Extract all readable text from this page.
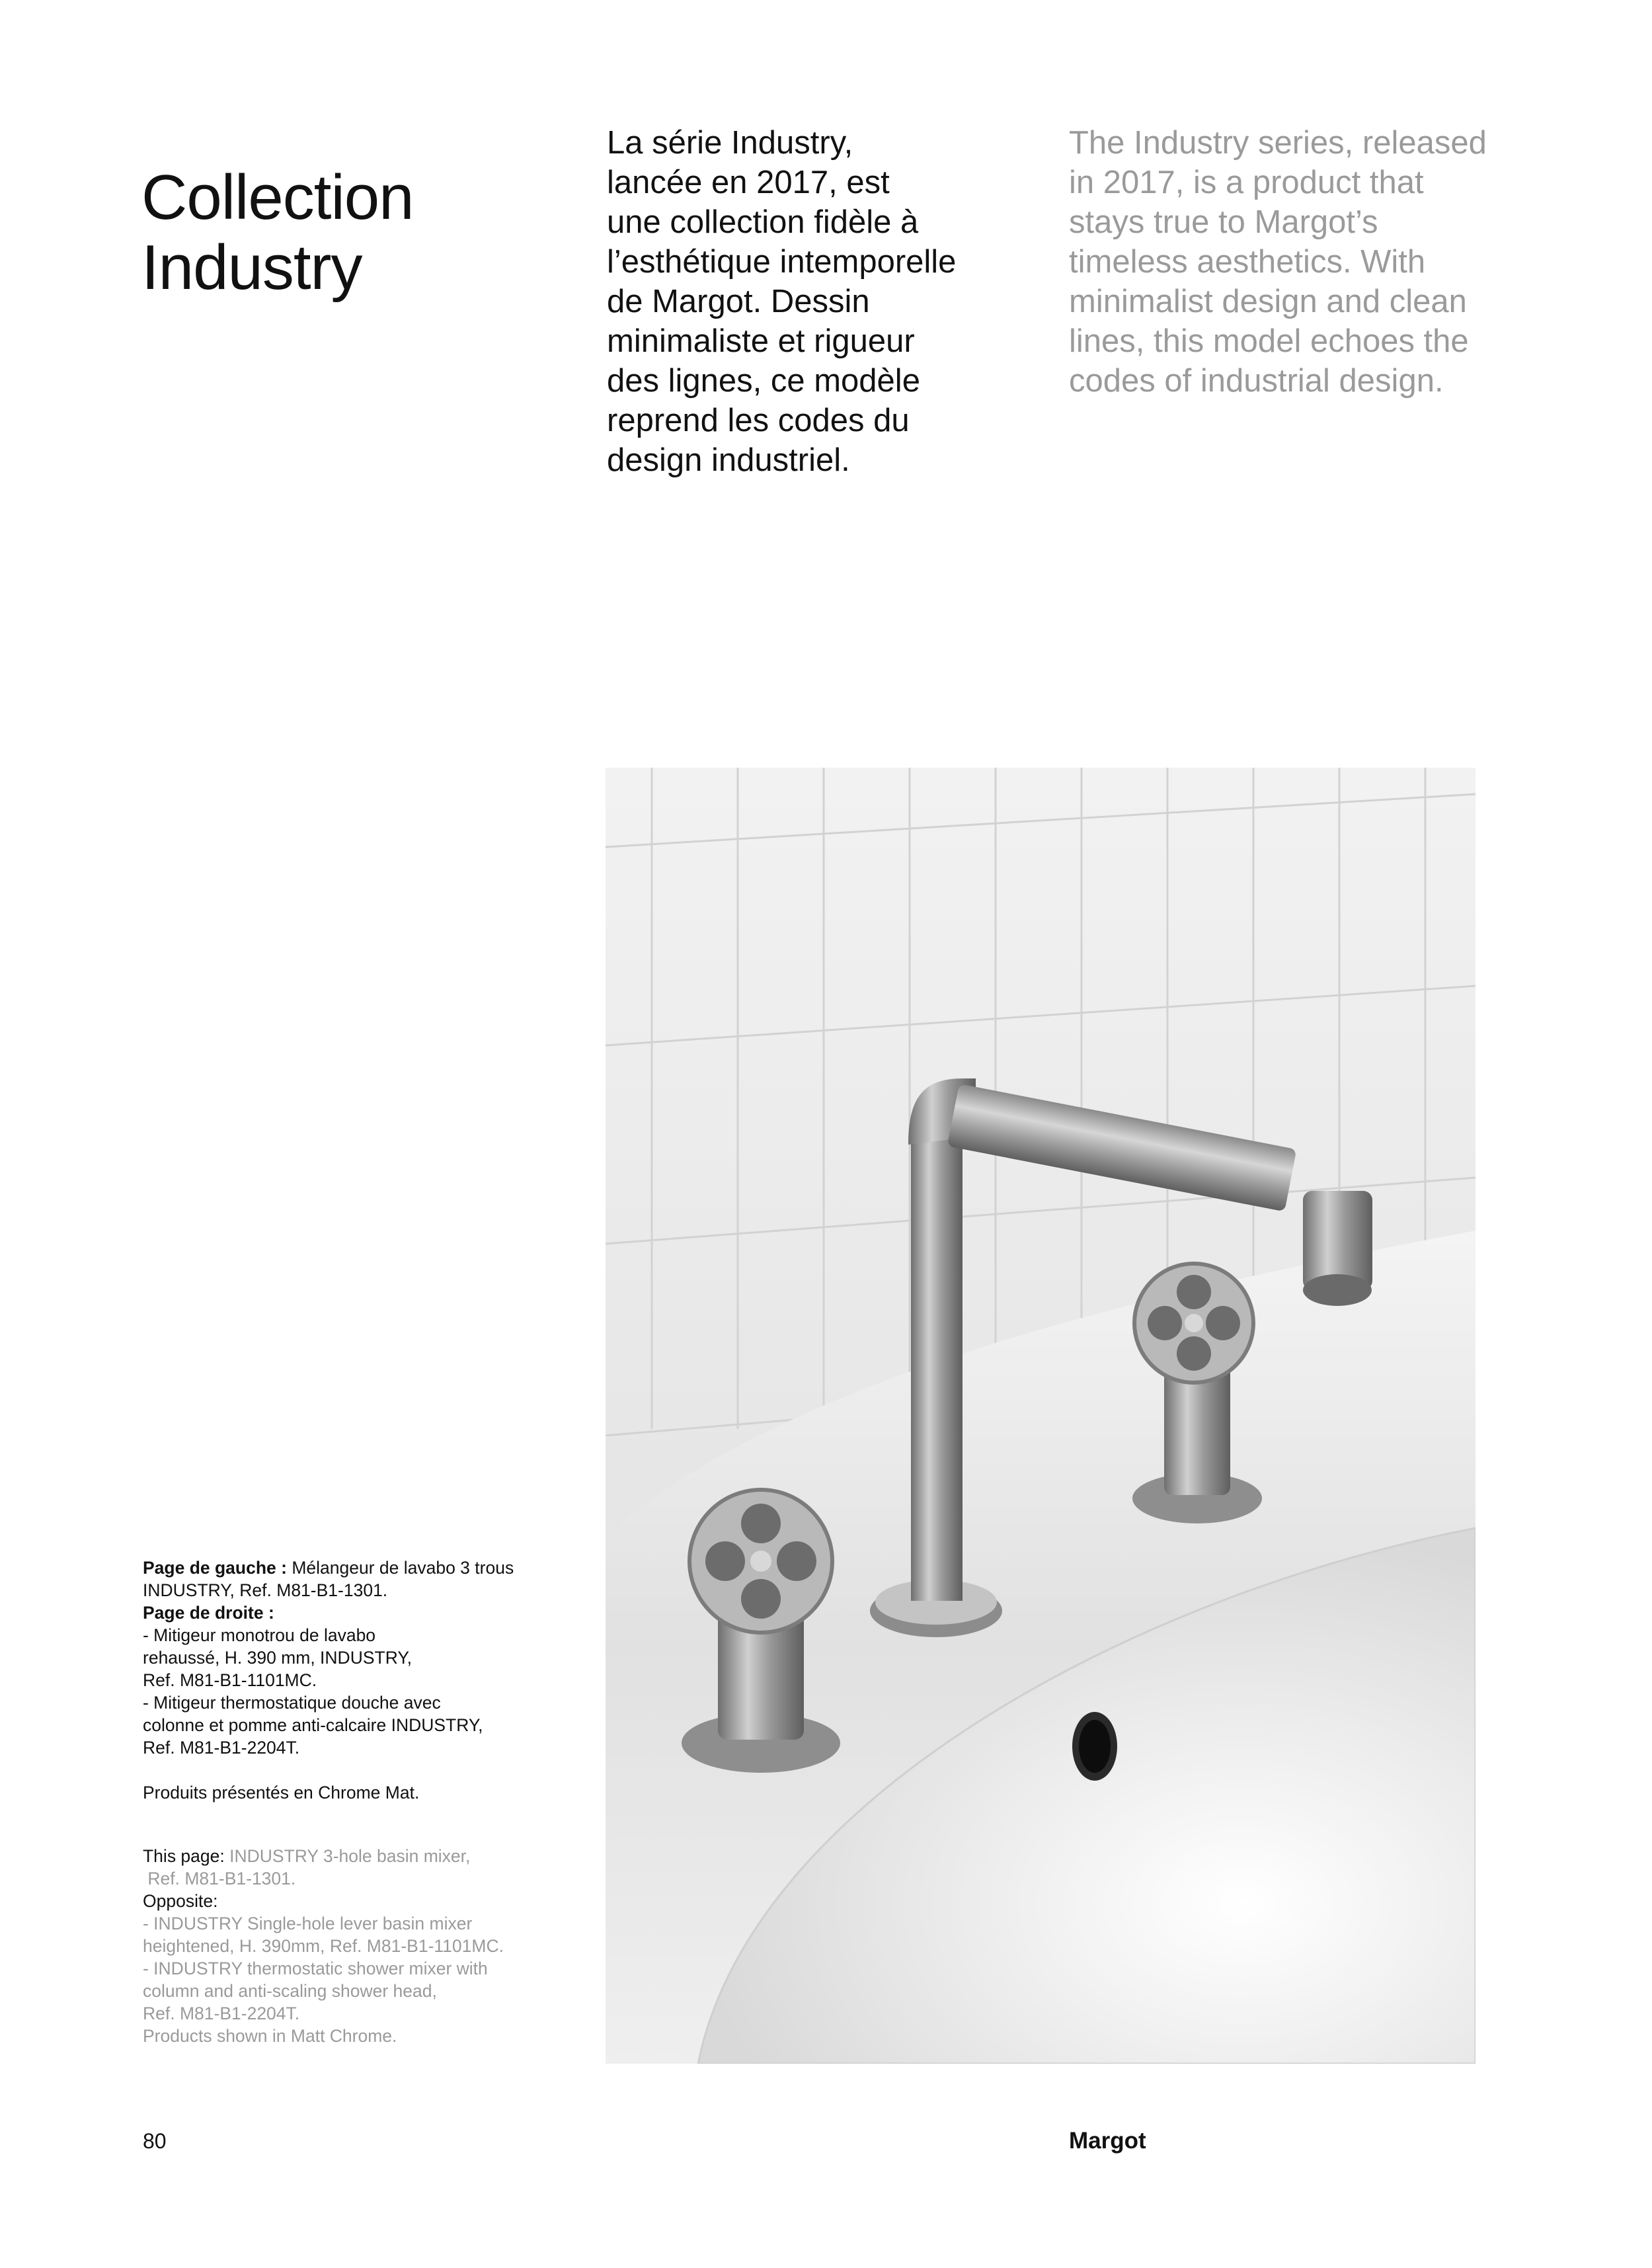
Collection
Industry
La série Industry,
lancée en 2017, est
une collection fidèle à
l’esthétique intemporelle
de Margot. Dessin
minimaliste et rigueur
des lignes, ce modèle
reprend les codes du
design industriel.
The Industry series, released
in 2017, is a product that
stays true to Margot’s
timeless aesthetics. With
minimalist design and clean
lines, this model echoes the
codes of industrial design.
Page de gauche : Mélangeur de lavabo 3 trous
INDUSTRY, Ref. M81-B1-1301.
Page de droite :
- Mitigeur monotrou de lavabo
rehaussé, H. 390 mm, INDUSTRY,
Ref. M81-B1-1101MC.
- Mitigeur thermostatique douche avec
colonne et pomme anti-calcaire INDUSTRY,
Ref. M81-B1-2204T.
Produits présentés en Chrome Mat.
This page: INDUSTRY 3-hole basin mixer,
Ref. M81-B1-1301.
Opposite:
- INDUSTRY Single-hole lever basin mixer
heightened, H. 390mm, Ref. M81-B1-1101MC.
- INDUSTRY thermostatic shower mixer with
column and anti-scaling shower head,
Ref. M81-B1-2204T.
Products shown in Matt Chrome.
80	Margot
